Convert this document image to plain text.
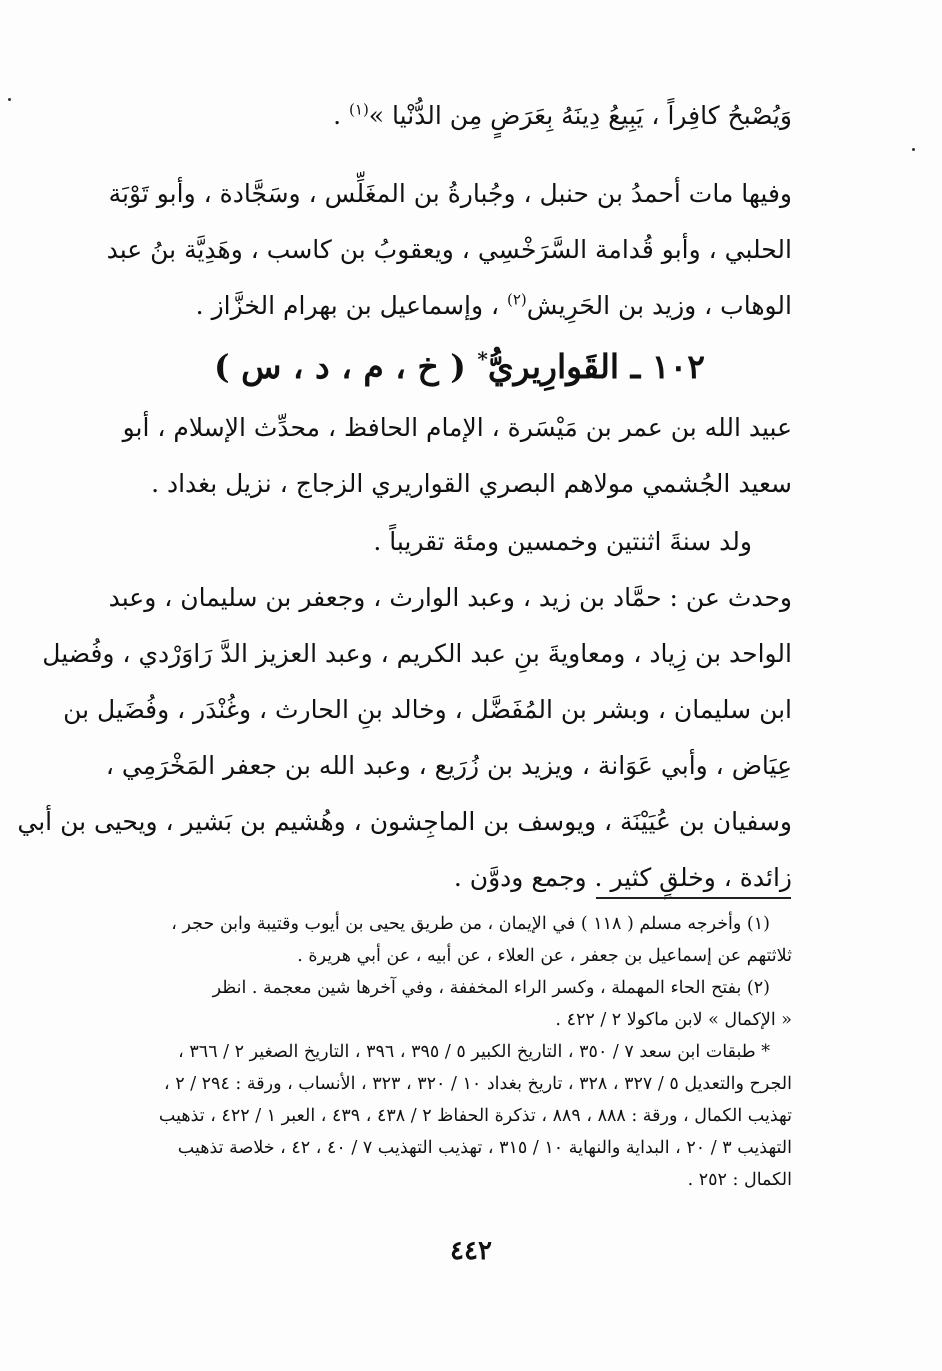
وَيُصْبحُ كافِراً ، يَبِيعُ دِينَهُ بِعَرَضٍ مِن الدُّنْيا »$^{(١)}$ .
وفيها مات أحمدُ بن حنبل ، وجُبارةُ بن المغَلِّس ، وسَجَّادة ، وأبو تَوْبَة
الحلبي ، وأبو قُدامة السَّرَخْسِي ، ويعقوبُ بن كاسب ، وهَدِيَّة بنُ عبد
الوهاب ، وزيد بن الحَرِيش$^{(٢)}$ ، وإسماعيل بن بهرام الخزَّاز .
١٠٢ ـ القَوارِيريُّ* ( خ ، م ، د ، س )
عبيد الله بن عمر بن مَيْسَرة ، الإمام الحافظ ، محدِّث الإسلام ، أبو
سعيد الجُشمي مولاهم البصري القواريري الزجاج ، نزيل بغداد .
ولد سنةَ اثنتين وخمسين ومئة تقريباً .
وحدث عن : حمَّاد بن زيد ، وعبد الوارث ، وجعفر بن سليمان ، وعبد
الواحد بن زِياد ، ومعاويةَ بنِ عبد الكريم ، وعبد العزيز الدَّ رَاوَرْدي ، وفُضيل
ابن سليمان ، وبشر بن المُفَضَّل ، وخالد بنِ الحارث ، وغُنْدَر ، وفُضَيل بن
عِيَاض ، وأبي عَوَانة ، ويزيد بن زُرَيع ، وعبد الله بن جعفر المَخْرَمِي ،
وسفيان بن عُيَيْنَة ، ويوسف بن الماجِشون ، وهُشيم بن بَشير ، ويحيى بن أبي
زائدة ، وخلقٍ كثير . وجمع ودوَّن .
(١) وأخرجه مسلم ( ١١٨ ) في الإيمان ، من طريق يحيى بن أيوب وقتيبة وابن حجر ،
ثلاثتهم عن إسماعيل بن جعفر ، عن العلاء ، عن أبيه ، عن أبي هريرة .
(٢) بفتح الحاء المهملة ، وكسر الراء المخففة ، وفي آخرها شين معجمة . انظر
« الإكمال » لابن ماكولا ٢ / ٤٢٢ .
* طبقات ابن سعد ٧ / ٣٥٠ ، التاريخ الكبير ٥ / ٣٩٥ ، ٣٩٦ ، التاريخ الصغير ٢ / ٣٦٦ ،
الجرح والتعديل ٥ / ٣٢٧ ، ٣٢٨ ، تاريخ بغداد ١٠ / ٣٢٠ ، ٣٢٣ ، الأنساب ، ورقة : ٢٩٤ / ٢ ،
تهذيب الكمال ، ورقة : ٨٨٨ ، ٨٨٩ ، تذكرة الحفاظ ٢ / ٤٣٨ ، ٤٣٩ ، العبر ١ / ٤٢٢ ، تذهيب
التهذيب ٣ / ٢٠ ، البداية والنهاية ١٠ / ٣١٥ ، تهذيب التهذيب ٧ / ٤٠ ، ٤٢ ، خلاصة تذهيب
الكمال : ٢٥٢ .
٤٤٢
